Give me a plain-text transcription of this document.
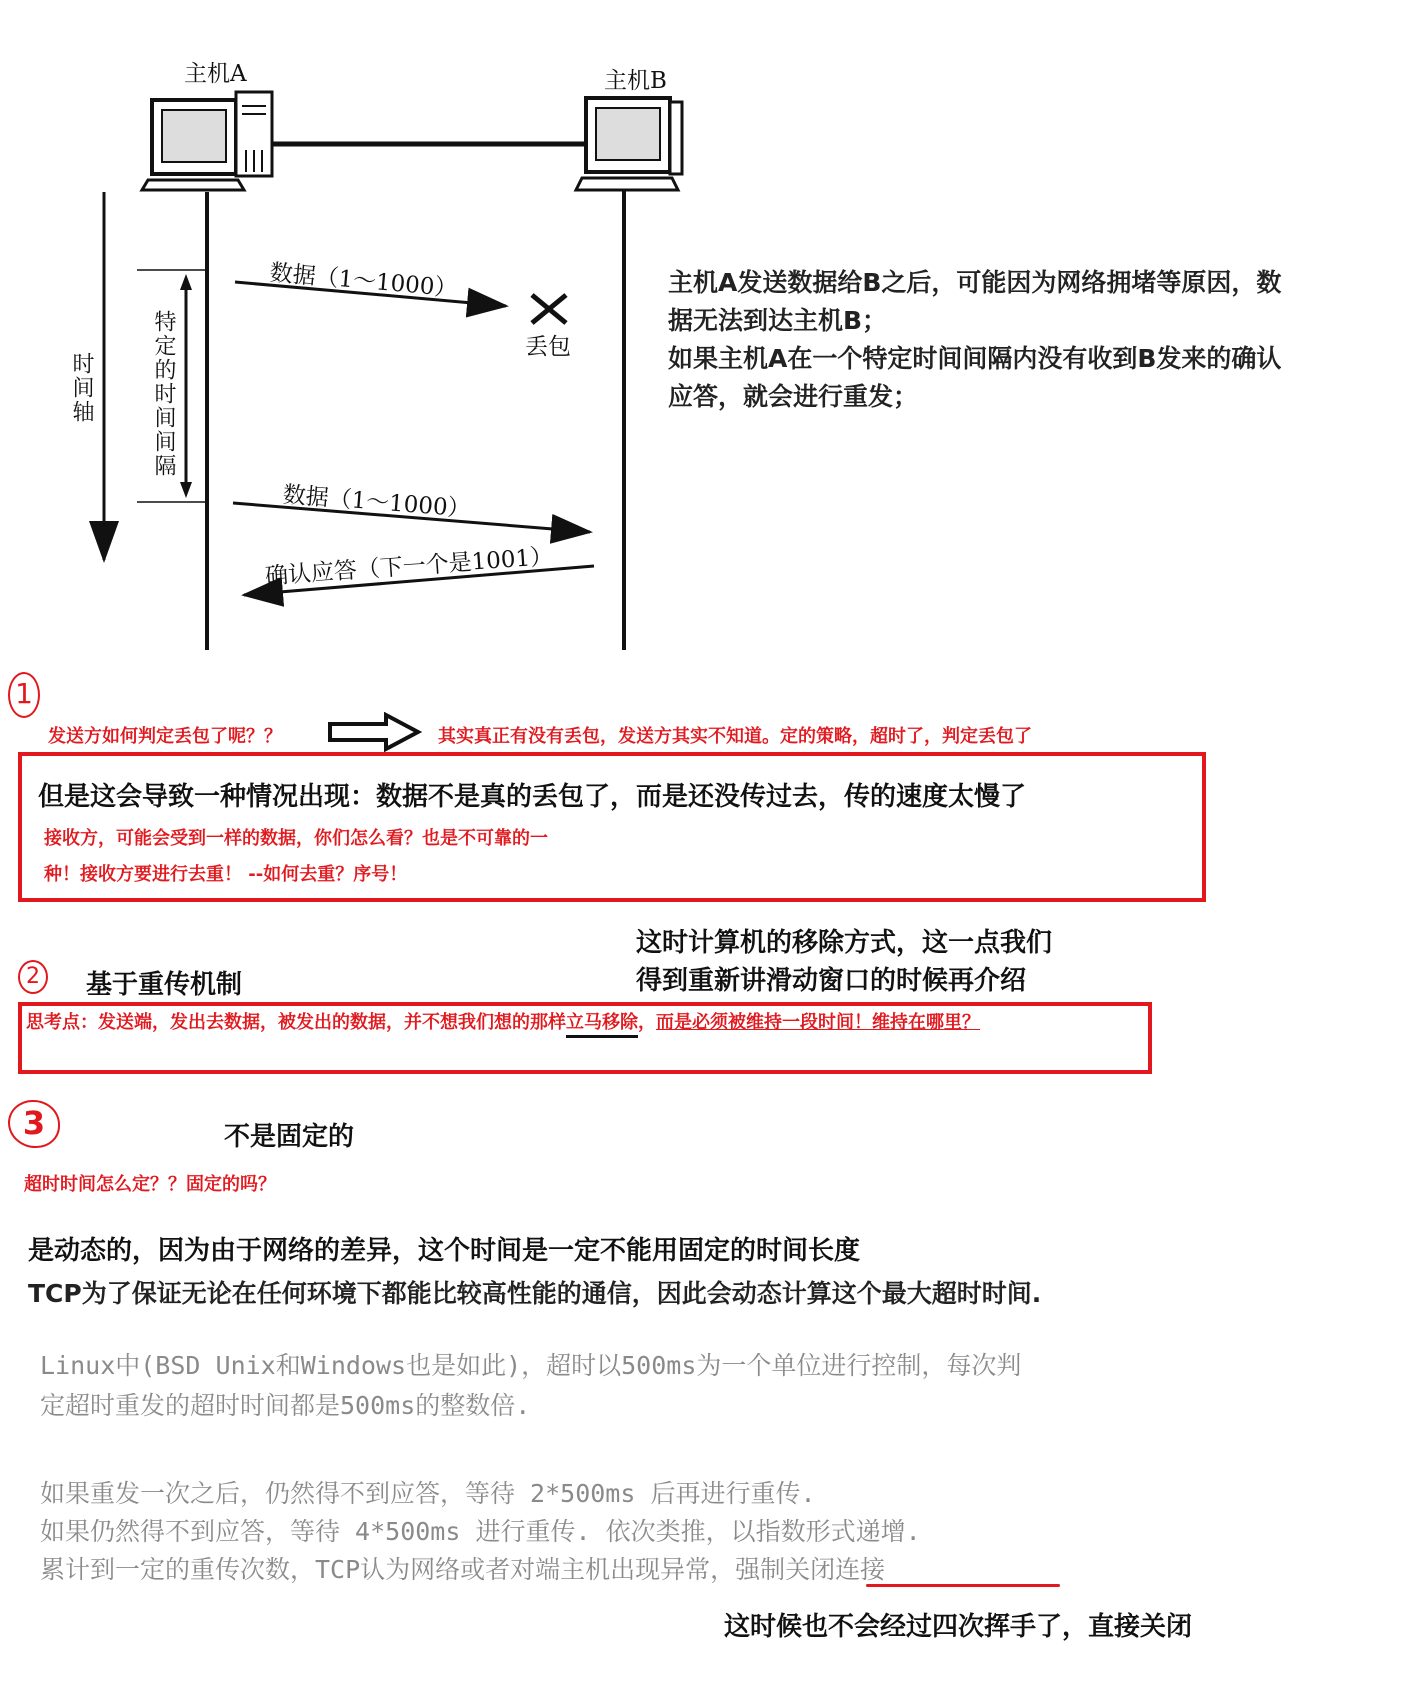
主机A	主机B
时间轴	特定的时间间隔
数据（1～1000）
丢包
数据（1～1000）
确认应答（下一个是1001）
主机A发送数据给B之后，可能因为网络拥堵等原因，数
据无法到达主机B；
如果主机A在一个特定时间间隔内没有收到B发来的确认
应答，就会进行重发；
1
发送方如何判定丢包了呢？？	其实真正有没有丢包，发送方其实不知道。定的策略，超时了，判定丢包了
但是这会导致一种情况出现：数据不是真的丢包了，而是还没传过去，传的速度太慢了
接收方，可能会受到一样的数据，你们怎么看？也是不可靠的一
种！接收方要进行去重！ --如何去重？序号！
这时计算机的移除方式，这一点我们
得到重新讲滑动窗口的时候再介绍
2	基于重传机制
思考点：发送端，发出去数据，被发出的数据，并不想我们想的那样立马移除，而是必须被维持一段时间！维持在哪里？
3	不是固定的
超时时间怎么定？？固定的吗？
是动态的，因为由于网络的差异，这个时间是一定不能用固定的时间长度
TCP为了保证无论在任何环境下都能比较高性能的通信，因此会动态计算这个最大超时时间.
Linux中(BSD Unix和Windows也是如此)，超时以500ms为一个单位进行控制，每次判
定超时重发的超时时间都是500ms的整数倍.
如果重发一次之后，仍然得不到应答，等待 2*500ms 后再进行重传.
如果仍然得不到应答，等待 4*500ms 进行重传. 依次类推，以指数形式递增.
累计到一定的重传次数，TCP认为网络或者对端主机出现异常，强制关闭连接
这时候也不会经过四次挥手了，直接关闭
